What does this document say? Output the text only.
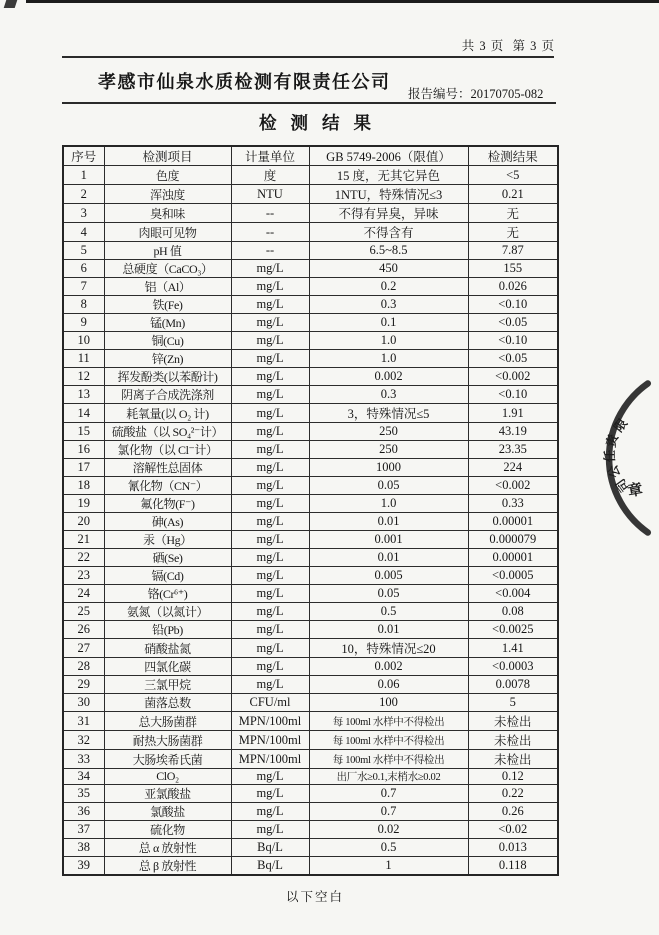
共 3 页  第 3 页
孝感市仙泉水质检测有限责任公司
报告编号：20170705-082
检测结果
序号	检测项目	计量单位	GB 5749-2006（限值）	检测结果
1	色度	度	15 度，无其它异色	<5
2	浑浊度	NTU	1NTU，特殊情况≤3	0.21
3	臭和味	--	不得有异臭，异味	无
4	肉眼可见物	--	不得含有	无
5	pH 值	--	6.5~8.5	7.87
6	总硬度（CaCO₃）	mg/L	450	155
7	铝（Al）	mg/L	0.2	0.026
8	铁(Fe)	mg/L	0.3	<0.10
9	锰(Mn)	mg/L	0.1	<0.05
10	铜(Cu)	mg/L	1.0	<0.10
11	锌(Zn)	mg/L	1.0	<0.05
12	挥发酚类(以苯酚计)	mg/L	0.002	<0.002
13	阴离子合成洗涤剂	mg/L	0.3	<0.10
14	耗氧量(以 O₂ 计)	mg/L	3，特殊情况≤5	1.91
15	硫酸盐（以 SO₄²⁻计）	mg/L	250	43.19
16	氯化物（以 Cl⁻计）	mg/L	250	23.35
17	溶解性总固体	mg/L	1000	224
18	氰化物（CN⁻）	mg/L	0.05	<0.002
19	氟化物(F⁻)	mg/L	1.0	0.33
20	砷(As)	mg/L	0.01	0.00001
21	汞（Hg）	mg/L	0.001	0.000079
22	硒(Se)	mg/L	0.01	0.00001
23	镉(Cd)	mg/L	0.005	<0.0005
24	铬(Cr⁶⁺)	mg/L	0.05	<0.004
25	氨氮（以氮计）	mg/L	0.5	0.08
26	铅(Pb)	mg/L	0.01	<0.0025
27	硝酸盐氮	mg/L	10，特殊情况≤20	1.41
28	四氯化碳	mg/L	0.002	<0.0003
29	三氯甲烷	mg/L	0.06	0.0078
30	菌落总数	CFU/ml	100	5
31	总大肠菌群	MPN/100ml	每 100ml 水样中不得检出	未检出
32	耐热大肠菌群	MPN/100ml	每 100ml 水样中不得检出	未检出
33	大肠埃希氏菌	MPN/100ml	每 100ml 水样中不得检出	未检出
34	ClO₂	mg/L	出厂水≥0.1,末梢水≥0.02	0.12
35	亚氯酸盐	mg/L	0.7	0.22
36	氯酸盐	mg/L	0.7	0.26
37	硫化物	mg/L	0.02	<0.02
38	总 α 放射性	Bq/L	0.5	0.013
39	总 β 放射性	Bq/L	1	0.118
以下空白
限
责
任
公
司
章
